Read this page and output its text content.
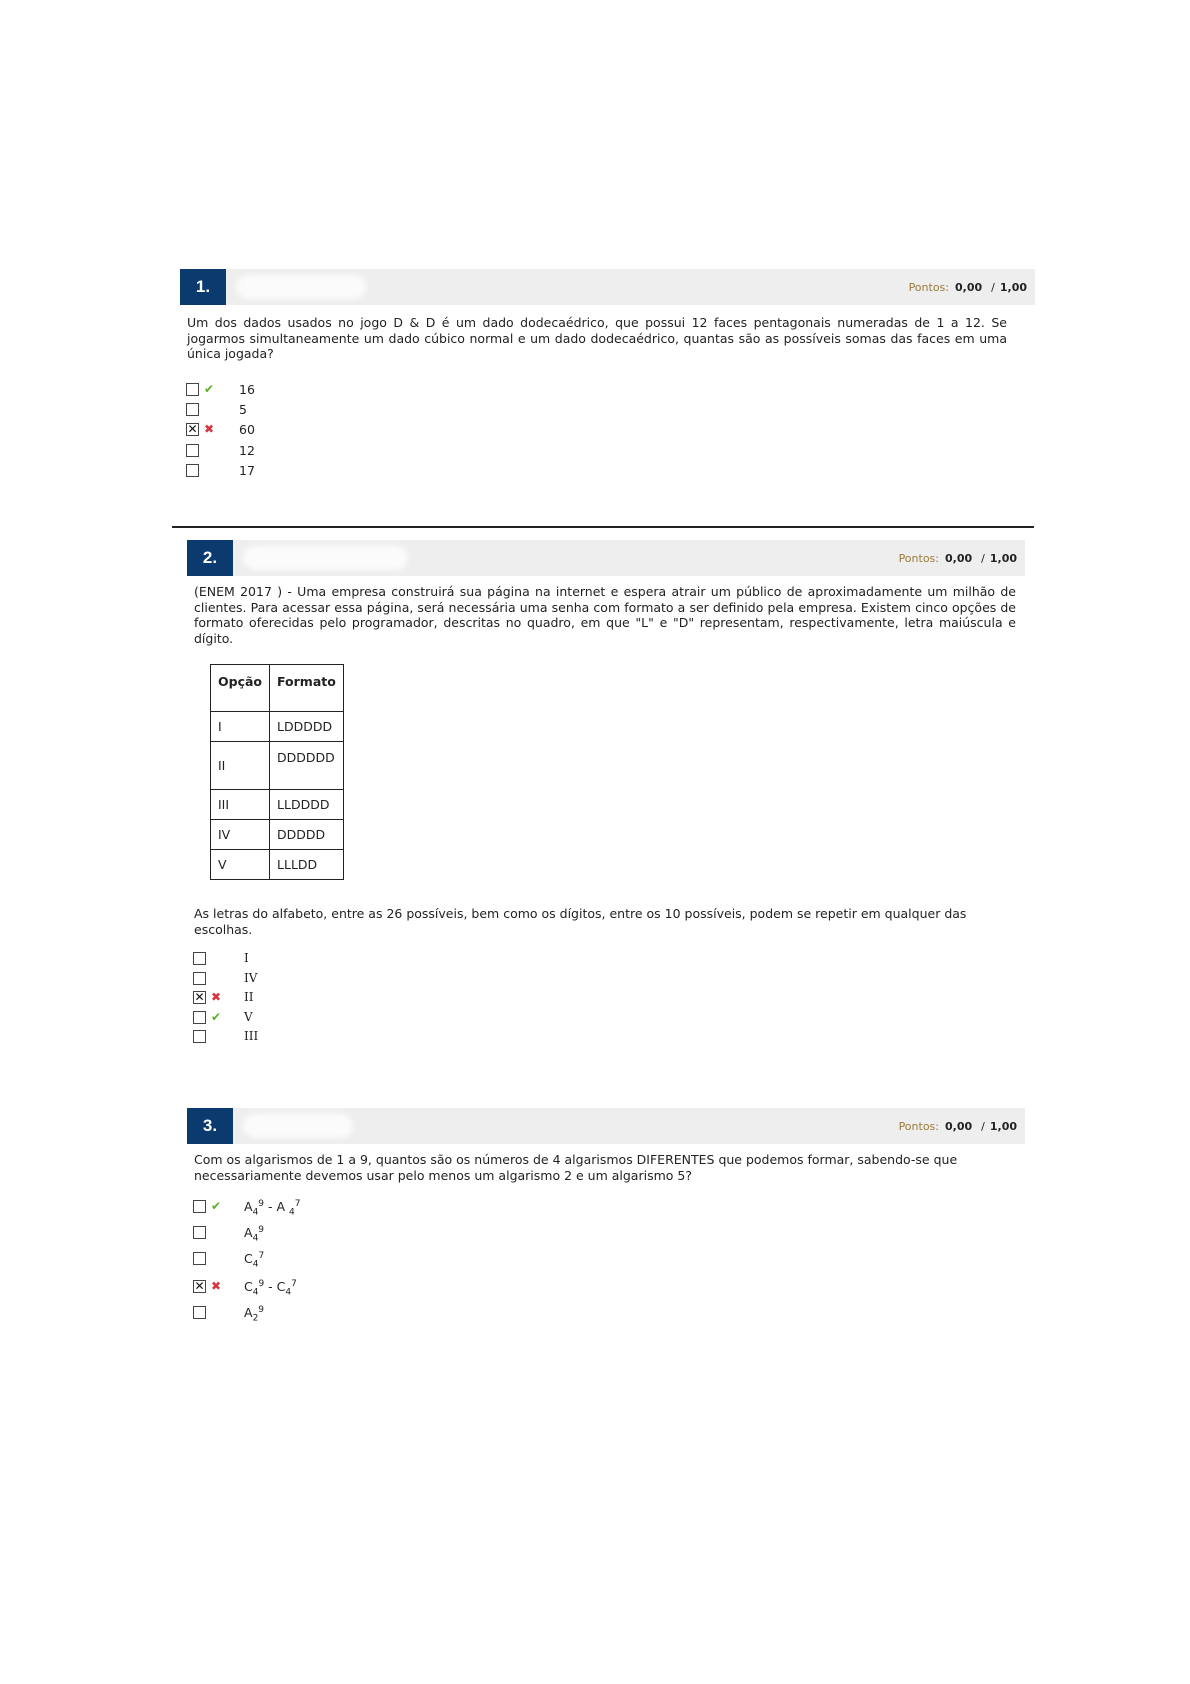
1.	Pontos: 0,00 / 1,00
Um dos dados usados no jogo D & D é um dado dodecaédrico, que possui 12 faces pentagonais numeradas de 1 a 12. Se jogarmos simultaneamente um dado cúbico normal e um dado dodecaédrico, quantas são as possíveis somas das faces em uma única jogada?
✔	16
5
✕ ✖	60
12
17
2.	Pontos: 0,00 / 1,00
(ENEM 2017 ) - Uma empresa construirá sua página na internet e espera atrair um público de aproximadamente um milhão de clientes. Para acessar essa página, será necessária uma senha com formato a ser definido pela empresa. Existem cinco opções de formato oferecidas pelo programador, descritas no quadro, em que "L" e "D" representam, respectivamente, letra maiúscula e dígito.
Opção	Formato
I	LDDDDD
II	DDDDDD
III	LLDDDD
IV	DDDDD
V	LLLDD
As letras do alfabeto, entre as 26 possíveis, bem como os dígitos, entre os 10 possíveis, podem se repetir em qualquer das escolhas.
I
IV
✕ ✖	II
✔	V
III
3.	Pontos: 0,00 / 1,00
Com os algarismos de 1 a 9, quantos são os números de 4 algarismos DIFERENTES que podemos formar, sabendo-se que necessariamente devemos usar pelo menos um algarismo 2 e um algarismo 5?
✔	$A_4^9$ - A $_4^7$
$A_4^9$
$C_4^7$
✕ ✖	$C_4^9 - C_4^7$
$A_2^9$
